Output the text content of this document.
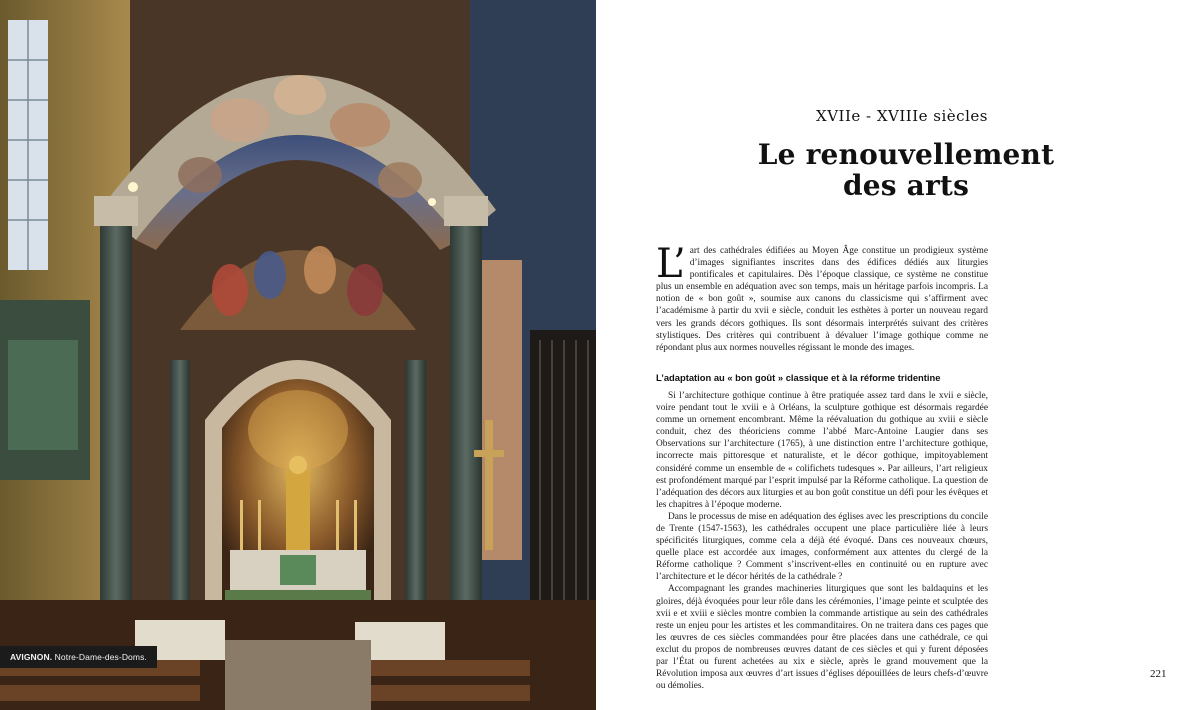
AVIGNON. Notre-Dame-des-Doms.
XVIIe - XVIIIe siècles
Le renouvellement
des arts
L’ art des cathédrales édifiées au Moyen Âge constitue un prodigieux système d’images signifiantes inscrites dans des édifices dédiés aux liturgies pontificales et capitulaires. Dès l’époque classique, ce système ne constitue plus un ensemble en adéquation avec son temps, mais un héritage parfois incompris. La notion de « bon goût », soumise aux canons du classicisme qui s’affirment avec l’académisme à partir du xvii e siècle, conduit les esthètes à porter un nouveau regard vers les grands décors gothiques. Ils sont désormais interprétés suivant des critères stylistiques. Des critères qui contribuent à dévaluer l’image gothique comme ne répondant plus aux normes nouvelles régissant le monde des images.

L’adaptation au « bon goût » classique et à la réforme tridentine

Si l’architecture gothique continue à être pratiquée assez tard dans le xvii e siècle, voire pendant tout le xviii e à Orléans, la sculpture gothique est désormais regardée comme un ornement encombrant. Même la réévaluation du gothique au xviii e siècle conduit, chez des théoriciens comme l’abbé Marc-Antoine Laugier dans ses Observations sur l’architecture (1765), à une distinction entre l’architecture gothique, incorrecte mais pittoresque et naturaliste, et le décor gothique, impitoyablement considéré comme un ensemble de « colifichets tudesques ». Par ailleurs, l’art religieux est profondément marqué par l’esprit impulsé par la Réforme catholique. La question de l’adéquation des décors aux liturgies et au bon goût constitue un défi pour les évêques et les chapitres à l’époque moderne.

Dans le processus de mise en adéquation des églises avec les prescriptions du concile de Trente (1547-1563), les cathédrales occupent une place particulière liée à leurs spécificités liturgiques, comme cela a déjà été évoqué. Dans ces nouveaux chœurs, quelle place est accordée aux images, conformément aux attentes du clergé de la Réforme catholique ? Comment s’inscrivent-elles en continuité ou en rupture avec l’architecture et le décor hérités de la cathédrale ?

Accompagnant les grandes machineries liturgiques que sont les baldaquins et les gloires, déjà évoquées pour leur rôle dans les cérémonies, l’image peinte et sculptée des xvii e et xviii e siècles montre combien la commande artistique au sein des cathédrales reste un enjeu pour les artistes et les commanditaires. On ne traitera dans ces pages que les œuvres de ces siècles commandées pour être placées dans une cathédrale, ce qui exclut du propos de nombreuses œuvres datant de ces siècles et qui y furent déposées par l’État ou furent achetées au xix e siècle, après le grand mouvement que la Révolution imposa aux œuvres d’art issues d’églises dépouillées de leurs chefs-d’œuvre ou démolies.

221
